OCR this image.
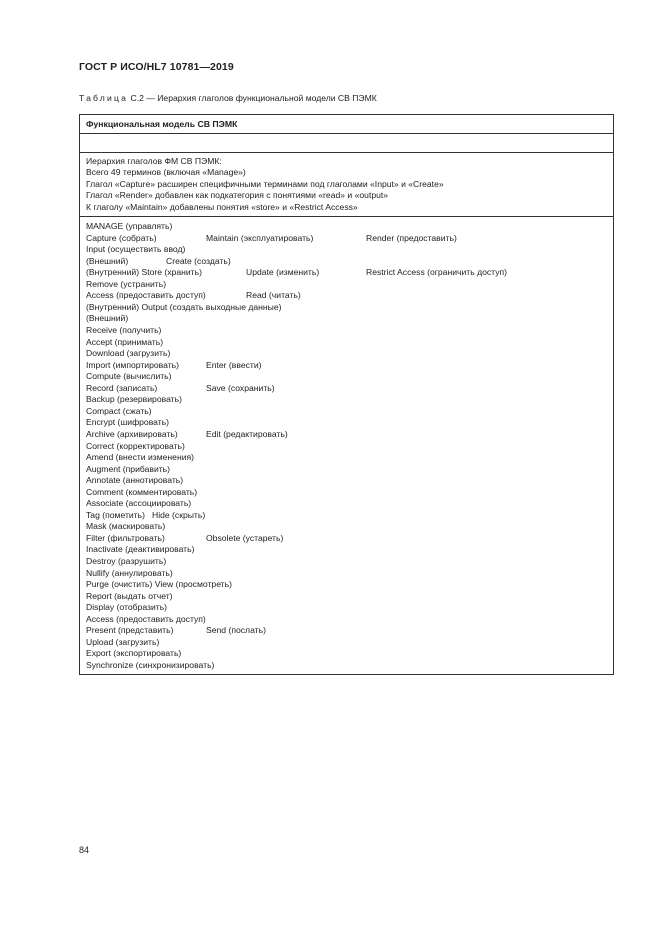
ГОСТ Р ИСО/HL7 10781—2019
Таблица С.2 — Иерархия глаголов функциональной модели СВ ПЭМК
Функциональная модель СВ ПЭМК
Иерархия глаголов ФМ СВ ПЭМК:
Всего 49 терминов (включая «Manage»)
Глагол «Capture» расширен специфичными терминами под глаголами «Input» и «Create»
Глагол «Render» добавлен как подкатегория с понятиями «read» и «output»
К глаголу «Maintain» добавлены понятия «store» и «Restrict Access»
MANAGE (управлять)
Capture (собрать)	Maintain (эксплуатировать)	Render (предоставить)
Input (осуществить ввод)
(Внешний)	Create (создать)
(Внутренний) Store (хранить)	Update (изменить)	Restrict Access (ограничить доступ)
Remove (устранить)
Access (предоставить доступ)	Read (читать)
(Внутренний) Output (создать выходные данные)
(Внешний)
Receive (получить)
Accept (принимать)
Download (загрузить)
Import (импортировать)	Enter (ввести)
Compute (вычислить)
Record (записать)	Save (сохранить)
Backup (резервировать)
Compact (сжать)
Encrypt (шифровать)
Archive (архивировать)	Edit (редактировать)
Correct (корректировать)
Amend (внести изменения)
Augment (прибавить)
Annotate (аннотировать)
Comment (комментировать)
Associate (ассоциировать)
Tag (пометить) Hide (скрыть)
Mask (маскировать)
Filter (фильтровать)	Obsolete (устареть)
Inactivate (деактивировать)
Destroy (разрушить)
Nullify (аннулировать)
Purge (очистить) View (просмотреть)
Report (выдать отчет)
Display (отобразить)
Access (предоставить доступ)
Present (представить)	Send (послать)
Upload (загрузить)
Export (экспортировать)
Synchronize (синхронизировать)
84
